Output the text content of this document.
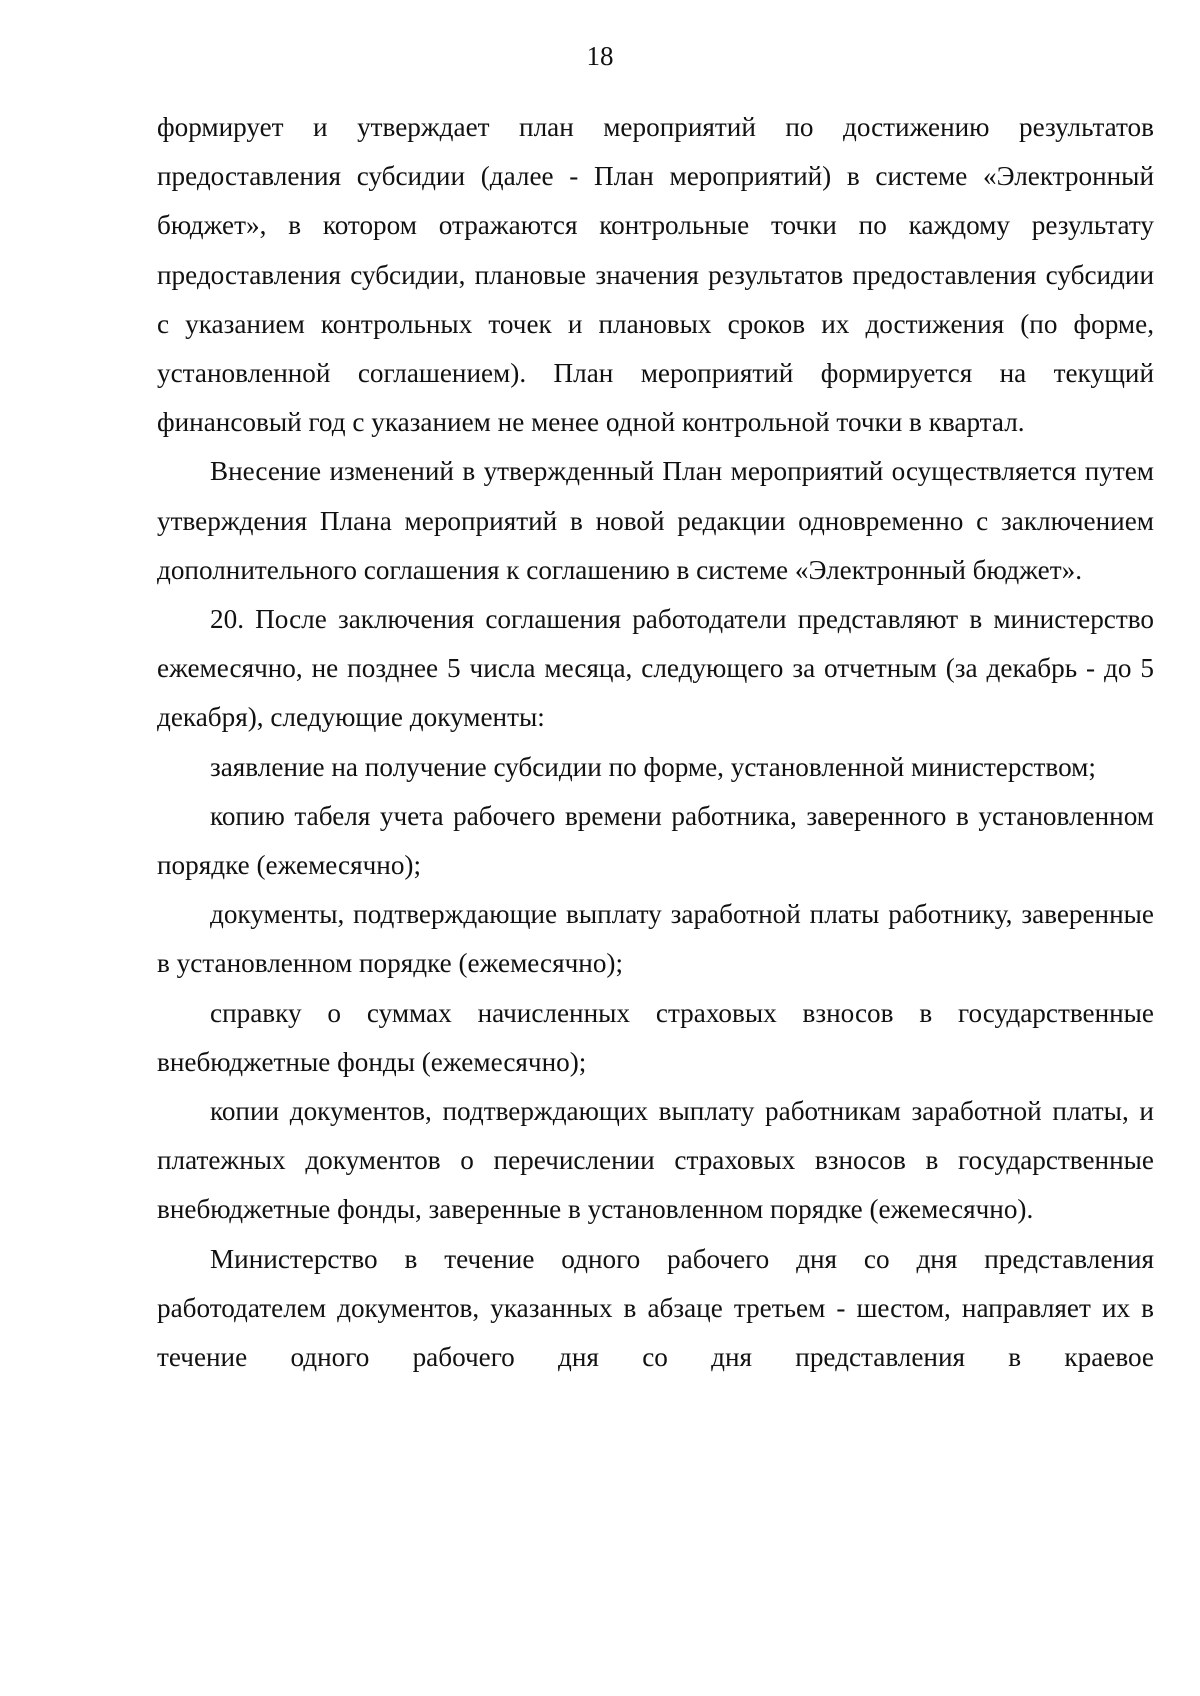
18

формирует и утверждает план мероприятий по достижению результатов предоставления субсидии (далее - План мероприятий) в системе «Электронный бюджет», в котором отражаются контрольные точки по каждому результату предоставления субсидии, плановые значения результатов предоставления субсидии с указанием контрольных точек и плановых сроков их достижения (по форме, установленной соглашением). План мероприятий формируется на текущий финансовый год с указанием не менее одной контрольной точки в квартал.

Внесение изменений в утвержденный План мероприятий осуществляется путем утверждения Плана мероприятий в новой редакции одновременно с заключением дополнительного соглашения к соглашению в системе «Электронный бюджет».

20. После заключения соглашения работодатели представляют в министерство ежемесячно, не позднее 5 числа месяца, следующего за отчетным (за декабрь - до 5 декабря), следующие документы:

заявление на получение субсидии по форме, установленной министерством;

копию табеля учета рабочего времени работника, заверенного в установленном порядке (ежемесячно);

документы, подтверждающие выплату заработной платы работнику, заверенные в установленном порядке (ежемесячно);

справку о суммах начисленных страховых взносов в государственные внебюджетные фонды (ежемесячно);

копии документов, подтверждающих выплату работникам заработной платы, и платежных документов о перечислении страховых взносов в государственные внебюджетные фонды, заверенные в установленном порядке (ежемесячно).

Министерство в течение одного рабочего дня со дня представления работодателем документов, указанных в абзаце третьем - шестом, направляет их в течение одного рабочего дня со дня представления в краевое
